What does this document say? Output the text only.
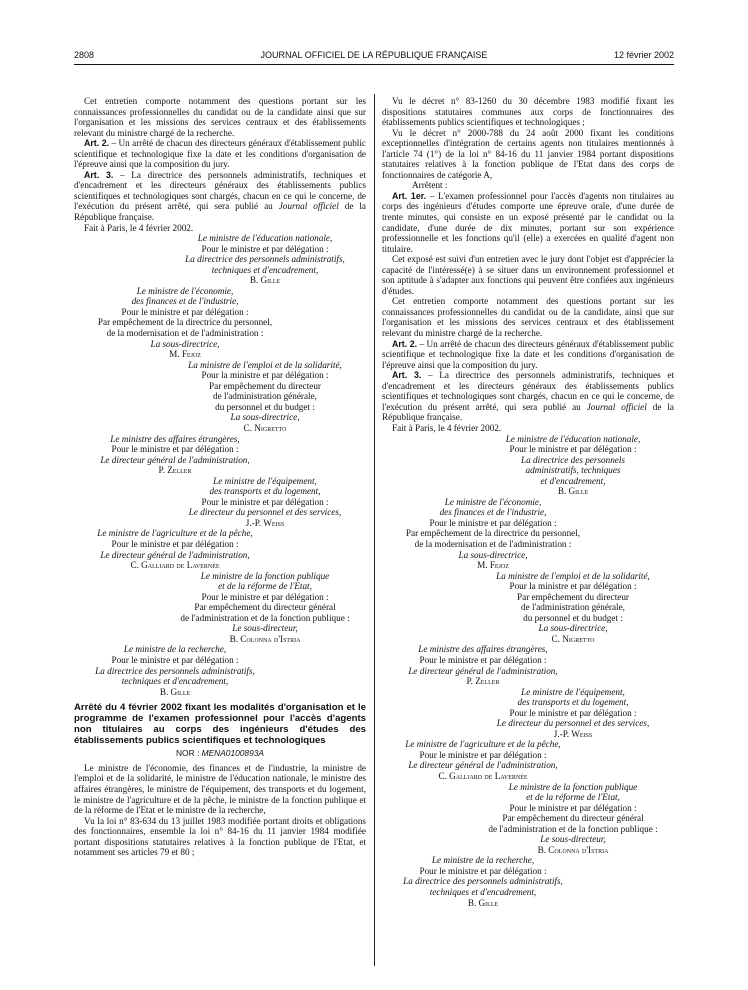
2808	JOURNAL OFFICIEL DE LA RÉPUBLIQUE FRANÇAISE	12 février 2002

Cet entretien comporte notamment des questions portant sur les connaissances professionnelles du candidat ou de la candidate ainsi que sur l'organisation et les missions des services centraux et des établissements relevant du ministre chargé de la recherche.

Art. 2. – Un arrêté de chacun des directeurs généraux d'établissement public scientifique et technologique fixe la date et les conditions d'organisation de l'épreuve ainsi que la composition du jury.

Art. 3. – La directrice des personnels administratifs, techniques et d'encadrement et les directeurs généraux des établissements publics scientifiques et technologiques sont chargés, chacun en ce qui le concerne, de l'exécution du présent arrêté, qui sera publié au Journal officiel de la République française.

Fait à Paris, le 4 février 2002.

Le ministre de l'éducation nationale,
Pour le ministre et par délégation :
La directrice des personnels administratifs,
techniques et d'encadrement,
B. Gille
Le ministre de l'économie,
des finances et de l'industrie,
Pour le ministre et par délégation :
Par empêchement de la directrice du personnel,
de la modernisation et de l'administration :
La sous-directrice,
M. Fejoz
La ministre de l'emploi et de la solidarité,
Pour la ministre et par délégation :
Par empêchement du directeur
de l'administration générale,
du personnel et du budget :
La sous-directrice,
C. Nigretto
Le ministre des affaires étrangères,
Pour le ministre et par délégation :
Le directeur général de l'administration,
P. Zeller
Le ministre de l'équipement,
des transports et du logement,
Pour le ministre et par délégation :
Le directeur du personnel et des services,
J.-P. Weiss
Le ministre de l'agriculture et de la pêche,
Pour le ministre et par délégation :
Le directeur général de l'administration,
C. Galliard de Lavernée
Le ministre de la fonction publique
et de la réforme de l'Etat,
Pour le ministre et par délégation :
Par empêchement du directeur général
de l'administration et de la fonction publique :
Le sous-directeur,
B. Colonna d'Istria
Le ministre de la recherche,
Pour le ministre et par délégation :
La directrice des personnels administratifs,
techniques et d'encadrement,
B. Gille
Arrêté du 4 février 2002 fixant les modalités d'organisation et le programme de l'examen professionnel pour l'accès d'agents non titulaires au corps des ingénieurs d'études des établissements publics scientifiques et technologiques
NOR : MENA0100893A

Le ministre de l'économie, des finances et de l'industrie, la ministre de l'emploi et de la solidarité, le ministre de l'éducation nationale, le ministre des affaires étrangères, le ministre de l'équipement, des transports et du logement, le ministre de l'agriculture et de la pêche, le ministre de la fonction publique et de la réforme de l'Etat et le ministre de la recherche,

Vu la loi n° 83-634 du 13 juillet 1983 modifiée portant droits et obligations des fonctionnaires, ensemble la loi n° 84-16 du 11 janvier 1984 modifiée portant dispositions statutaires relatives à la fonction publique de l'Etat, et notamment ses articles 79 et 80 ;

Vu le décret n° 83-1260 du 30 décembre 1983 modifié fixant les dispositions statutaires communes aux corps de fonctionnaires des établissements publics scientifiques et technologiques ;

Vu le décret n° 2000-788 du 24 août 2000 fixant les conditions exceptionnelles d'intégration de certains agents non titulaires mentionnés à l'article 74 (1°) de la loi n° 84-16 du 11 janvier 1984 portant dispositions statutaires relatives à la fonction publique de l'Etat dans des corps de fonctionnaires de catégorie A,

Arrêtent :

Art. 1er. – L'examen professionnel pour l'accès d'agents non titulaires au corps des ingénieurs d'études comporte une épreuve orale, d'une durée de trente minutes, qui consiste en un exposé présenté par le candidat ou la candidate, d'une durée de dix minutes, portant sur son expérience professionnelle et les fonctions qu'il (elle) a exercées en qualité d'agent non titulaire.

Cet exposé est suivi d'un entretien avec le jury dont l'objet est d'apprécier la capacité de l'intéressé(e) à se situer dans un environnement professionnel et son aptitude à s'adapter aux fonctions qui peuvent être confiées aux ingénieurs d'études.

Cet entretien comporte notamment des questions portant sur les connaissances professionnelles du candidat ou de la candidate, ainsi que sur l'organisation et les missions des services centraux et des établissement relevant du ministre chargé de la recherche.

Art. 2. – Un arrêté de chacun des directeurs généraux d'établissement public scientifique et technologique fixe la date et les conditions d'organisation de l'épreuve ainsi que la composition du jury.

Art. 3. – La directrice des personnels administratifs, techniques et d'encadrement et les directeurs généraux des établissements publics scientifiques et technologiques sont chargés, chacun en ce qui le concerne, de l'exécution du présent arrêté, qui sera publié au Journal officiel de la République française.

Fait à Paris, le 4 février 2002.

Le ministre de l'éducation nationale,
Pour le ministre et par délégation :
La directrice des personnels
administratifs, techniques
et d'encadrement,
B. Gille
Le ministre de l'économie,
des finances et de l'industrie,
Pour le ministre et par délégation :
Par empêchement de la directrice du personnel,
de la modernisation et de l'administration :
La sous-directrice,
M. Fejoz
La ministre de l'emploi et de la solidarité,
Pour la ministre et par délégation :
Par empêchement du directeur
de l'administration générale,
du personnel et du budget :
La sous-directrice,
C. Nigretto
Le ministre des affaires étrangères,
Pour le ministre et par délégation :
Le directeur général de l'administration,
P. Zeller
Le ministre de l'équipement,
des transports et du logement,
Pour le ministre et par délégation :
Le directeur du personnel et des services,
J.-P. Weiss
Le ministre de l'agriculture et de la pêche,
Pour le ministre et par délégation :
Le directeur général de l'administration,
C. Galliard de Lavernée
Le ministre de la fonction publique
et de la réforme de l'Etat,
Pour le ministre et par délégation :
Par empêchement du directeur général
de l'administration et de la fonction publique :
Le sous-directeur,
B. Colonna d'Istria
Le ministre de la recherche,
Pour le ministre et par délégation :
La directrice des personnels administratifs,
techniques et d'encadrement,
B. Gille
